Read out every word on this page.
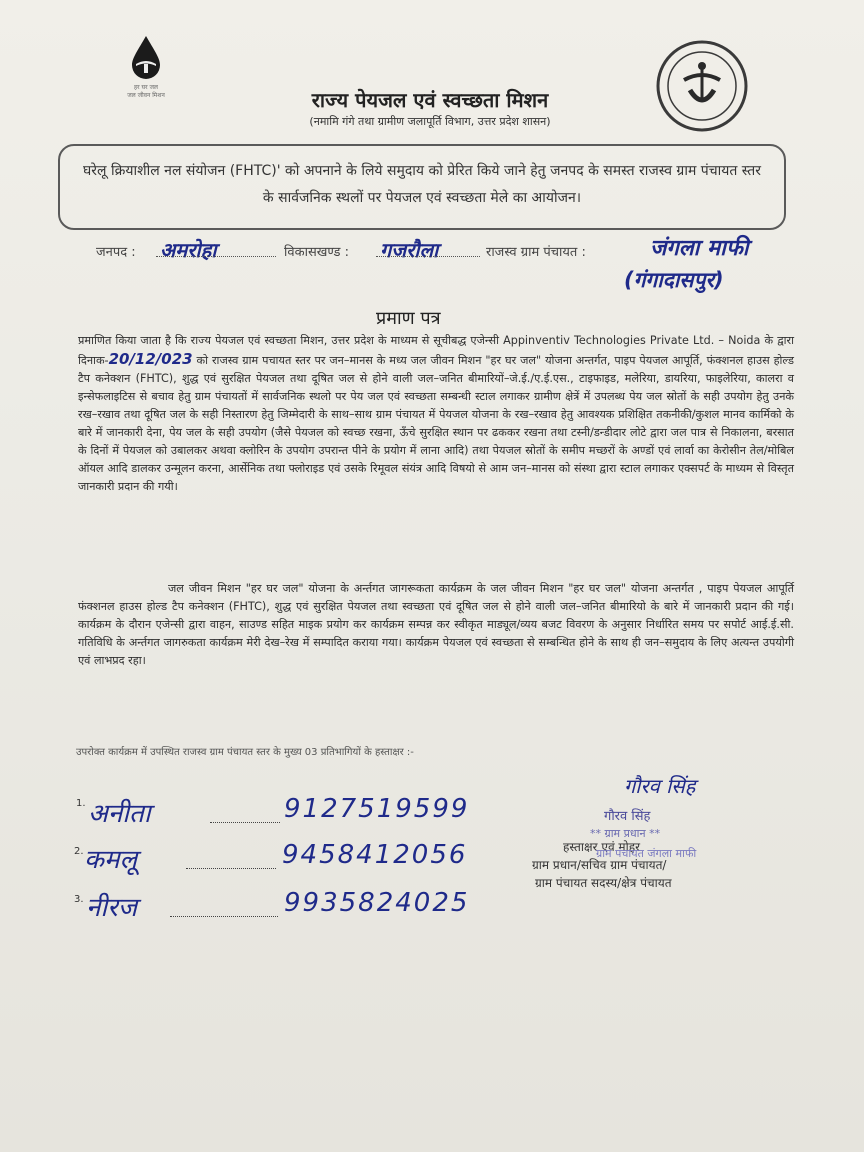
हर घर जल
जल जीवन मिशन	राज्य पेयजल एवं स्वच्छता मिशन
(नमामि गंगे तथा ग्रामीण जलापूर्ति विभाग, उत्तर प्रदेश शासन)
घरेलू क्रियाशील नल संयोजन (FHTC)' को अपनाने के लिये समुदाय को प्रेरित किये जाने हेतु जनपद के समस्त राजस्व ग्राम पंचायत स्तर के सार्वजनिक स्थलों पर पेयजल एवं स्वच्छता मेले का आयोजन।
जनपद : अमरोहा	विकासखण्ड : गजरौला	राजस्व ग्राम पंचायत :	जंगला माफी
(गंगादासपुर)
प्रमाण पत्र
प्रमाणित किया जाता है कि राज्य पेयजल एवं स्वच्छता मिशन, उत्तर प्रदेश के माध्यम से सूचीबद्ध एजेन्सी Appinventiv Technologies Private Ltd. – Noida के द्वारा दिनाक-20/12/023 को राजस्व ग्राम पचायत स्तर पर जन–मानस के मध्य जल जीवन मिशन "हर घर जल" योजना अन्तर्गत, पाइप पेयजल आपूर्ति, फंक्शनल हाउस होल्ड टैप कनेक्शन (FHTC), शुद्ध एवं सुरक्षित पेयजल तथा दूषित जल से होने वाली जल–जनित बीमारियों–जे.ई./ए.ई.एस., टाइफाइड, मलेरिया, डायरिया, फाइलेरिया, कालरा व इन्सेफलाइटिस से बचाव हेतु ग्राम पंचायतों में सार्वजनिक स्थलो पर पेय जल एवं स्वच्छता सम्बन्धी स्टाल लगाकर ग्रामीण क्षेत्रें में उपलब्ध पेय जल स्रोतों के सही उपयोग हेतु उनके रख–रखाव तथा दूषित जल के सही निस्तारण हेतु जिम्मेदारी के साथ–साथ ग्राम पंचायत में पेयजल योजना के रख–रखाव हेतु आवश्यक प्रशिक्षित तकनीकी/कुशल मानव कार्मिको के बारे में जानकारी देना, पेय जल के सही उपयोग (जैसे पेयजल को स्वच्छ रखना, ऊँचे सुरक्षित स्थान पर ढककर रखना तथा टस्नी/डन्डीदार लोटे द्वारा जल पात्र से निकालना, बरसात के दिनों में पेयजल को उबालकर अथवा क्लोरिन के उपयोग उपरान्त पीने के प्रयोग में लाना आदि) तथा पेयजल स्रोतों के समीप मच्छरों के अण्डों एवं लार्वा का केरोसीन तेल/मोबिल ऑयल आदि डालकर उन्मूलन करना, आर्सेनिक तथा फ्लोराइड एवं उसके रिमूवल संयंत्र आदि विषयो से आम जन–मानस को संस्था द्वारा स्टाल लगाकर एक्सपर्ट के माध्यम से विस्तृत जानकारी प्रदान की गयी।
जल जीवन मिशन "हर घर जल" योजना के अर्न्तगत जागरूकता कार्यक्रम के जल जीवन मिशन "हर घर जल" योजना अन्तर्गत , पाइप पेयजल आपूर्ति फंक्शनल हाउस होल्ड टैप कनेक्शन (FHTC), शुद्ध एवं सुरक्षित पेयजल तथा स्वच्छता एवं दूषित जल से होने वाली जल–जनित बीमारियो के बारे में जानकारी प्रदान की गई। कार्यक्रम के दौरान एजेन्सी द्वारा वाहन, साउण्ड सहित माइक प्रयोग कर कार्यक्रम सम्पन्न कर स्वीकृत माड्यूल/व्यय बजट विवरण के अनुसार निर्धारित समय पर सपोर्ट आई.ई.सी. गतिविधि के अर्न्तगत जागरुकता कार्यक्रम मेरी देख–रेख में सम्पादित कराया गया। कार्यक्रम पेयजल एवं स्वच्छता से सम्बन्धित होने के साथ ही जन–समुदाय के लिए अत्यन्त उपयोगी एवं लाभप्रद रहा।
उपरोक्त कार्यक्रम में उपस्थित राजस्व ग्राम पंचायत स्तर के मुख्य 03 प्रतिभागियों के हस्ताक्षर :-
1. अनीता	9127519599
2. कमलू	9458412056
3. नीरज	9935824025
गौरव सिंह
गौरव सिंह
** ग्राम प्रधान **
हस्ताक्षर एवं मोहर
ग्राम पंचायत जंगला माफी
ग्राम प्रधान/सचिव ग्राम पंचायत/
ग्राम पंचायत सदस्य/क्षेत्र पंचायत
